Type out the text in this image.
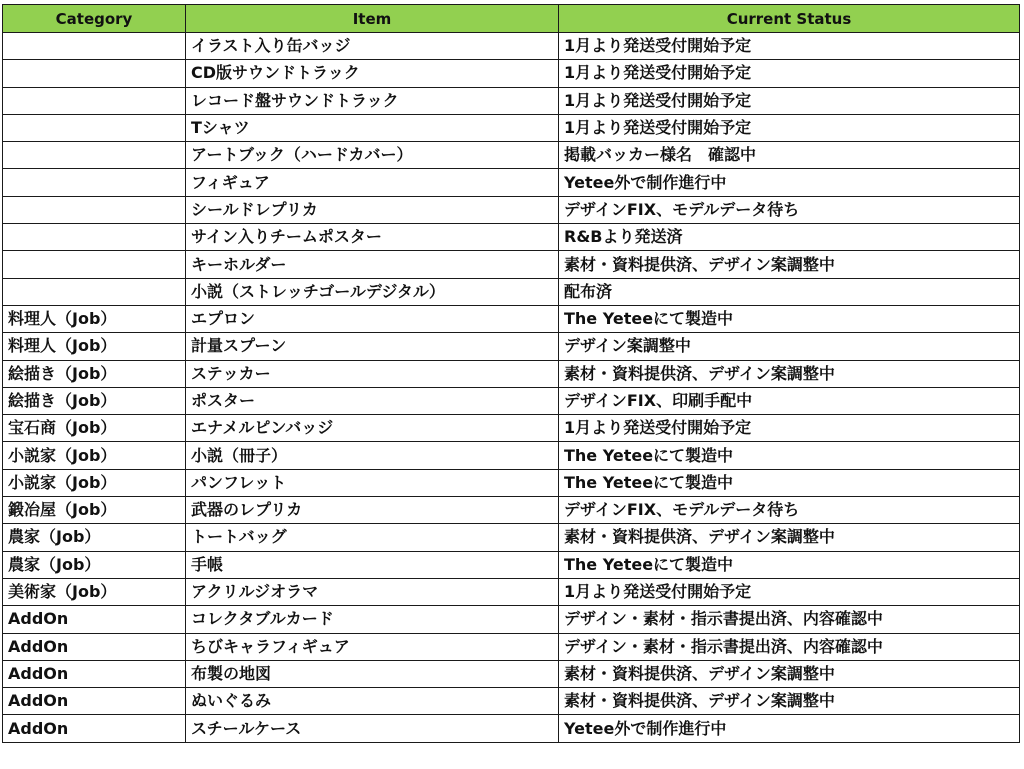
Category	Item	Current Status
	イラスト入り缶バッジ	1月より発送受付開始予定
	CD版サウンドトラック	1月より発送受付開始予定
	レコード盤サウンドトラック	1月より発送受付開始予定
	Tシャツ	1月より発送受付開始予定
	アートブック（ハードカバー）	掲載バッカー様名　確認中
	フィギュア	Yetee外で制作進行中
	シールドレプリカ	デザインFIX、モデルデータ待ち
	サイン入りチームポスター	R&Bより発送済
	キーホルダー	素材・資料提供済、デザイン案調整中
	小説（ストレッチゴールデジタル）	配布済
料理人（Job）	エプロン	The Yeteeにて製造中
料理人（Job）	計量スプーン	デザイン案調整中
絵描き（Job）	ステッカー	素材・資料提供済、デザイン案調整中
絵描き（Job）	ポスター	デザインFIX、印刷手配中
宝石商（Job）	エナメルピンバッジ	1月より発送受付開始予定
小説家（Job）	小説（冊子）	The Yeteeにて製造中
小説家（Job）	パンフレット	The Yeteeにて製造中
鍛冶屋（Job）	武器のレプリカ	デザインFIX、モデルデータ待ち
農家（Job）	トートバッグ	素材・資料提供済、デザイン案調整中
農家（Job）	手帳	The Yeteeにて製造中
美術家（Job）	アクリルジオラマ	1月より発送受付開始予定
AddOn	コレクタブルカード	デザイン・素材・指示書提出済、内容確認中
AddOn	ちびキャラフィギュア	デザイン・素材・指示書提出済、内容確認中
AddOn	布製の地図	素材・資料提供済、デザイン案調整中
AddOn	ぬいぐるみ	素材・資料提供済、デザイン案調整中
AddOn	スチールケース	Yetee外で制作進行中
